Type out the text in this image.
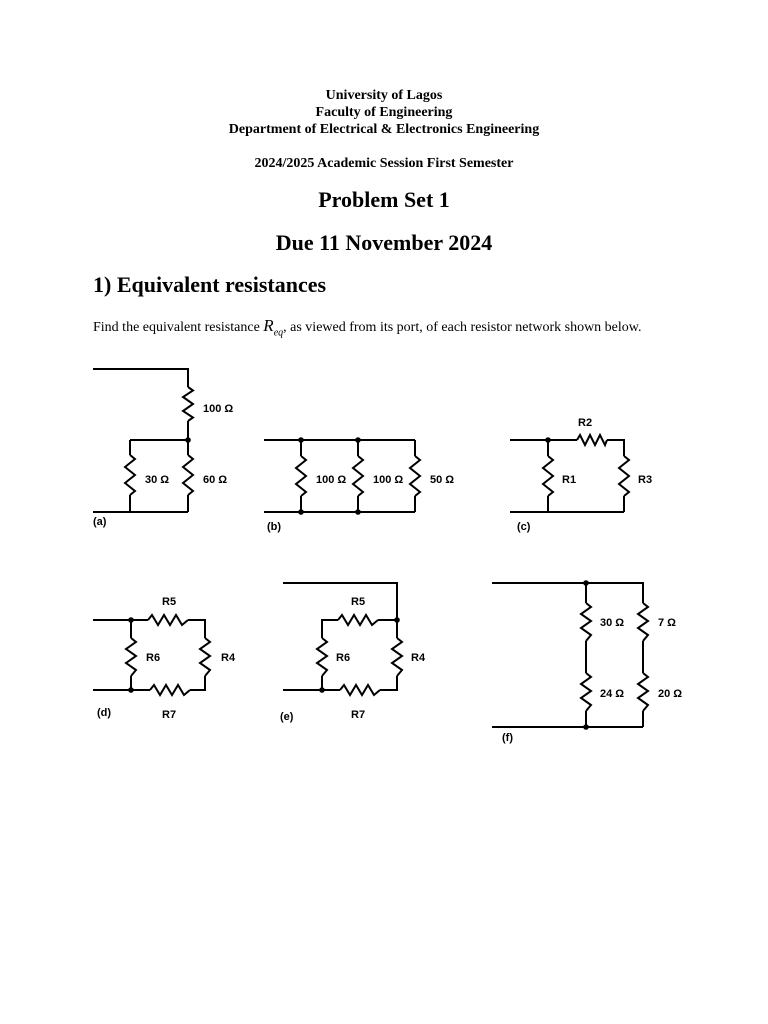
University of Lagos
Faculty of Engineering
Department of Electrical & Electronics Engineering
2024/2025 Academic Session First Semester
Problem Set 1
Due 11 November 2024
1) Equivalent resistances
Find the equivalent resistance $R_{eq}$, as viewed from its port, of each resistor network shown below.
100 Ω
30 Ω	60 Ω
(a)
100 Ω 100 Ω 50 Ω
(b)
R2
R1	R3
(c)
R5
R6	R4
R7
(d)
R5
R6	R4
R7
(e)
30 Ω	7 Ω
24 Ω	20 Ω
(f)
